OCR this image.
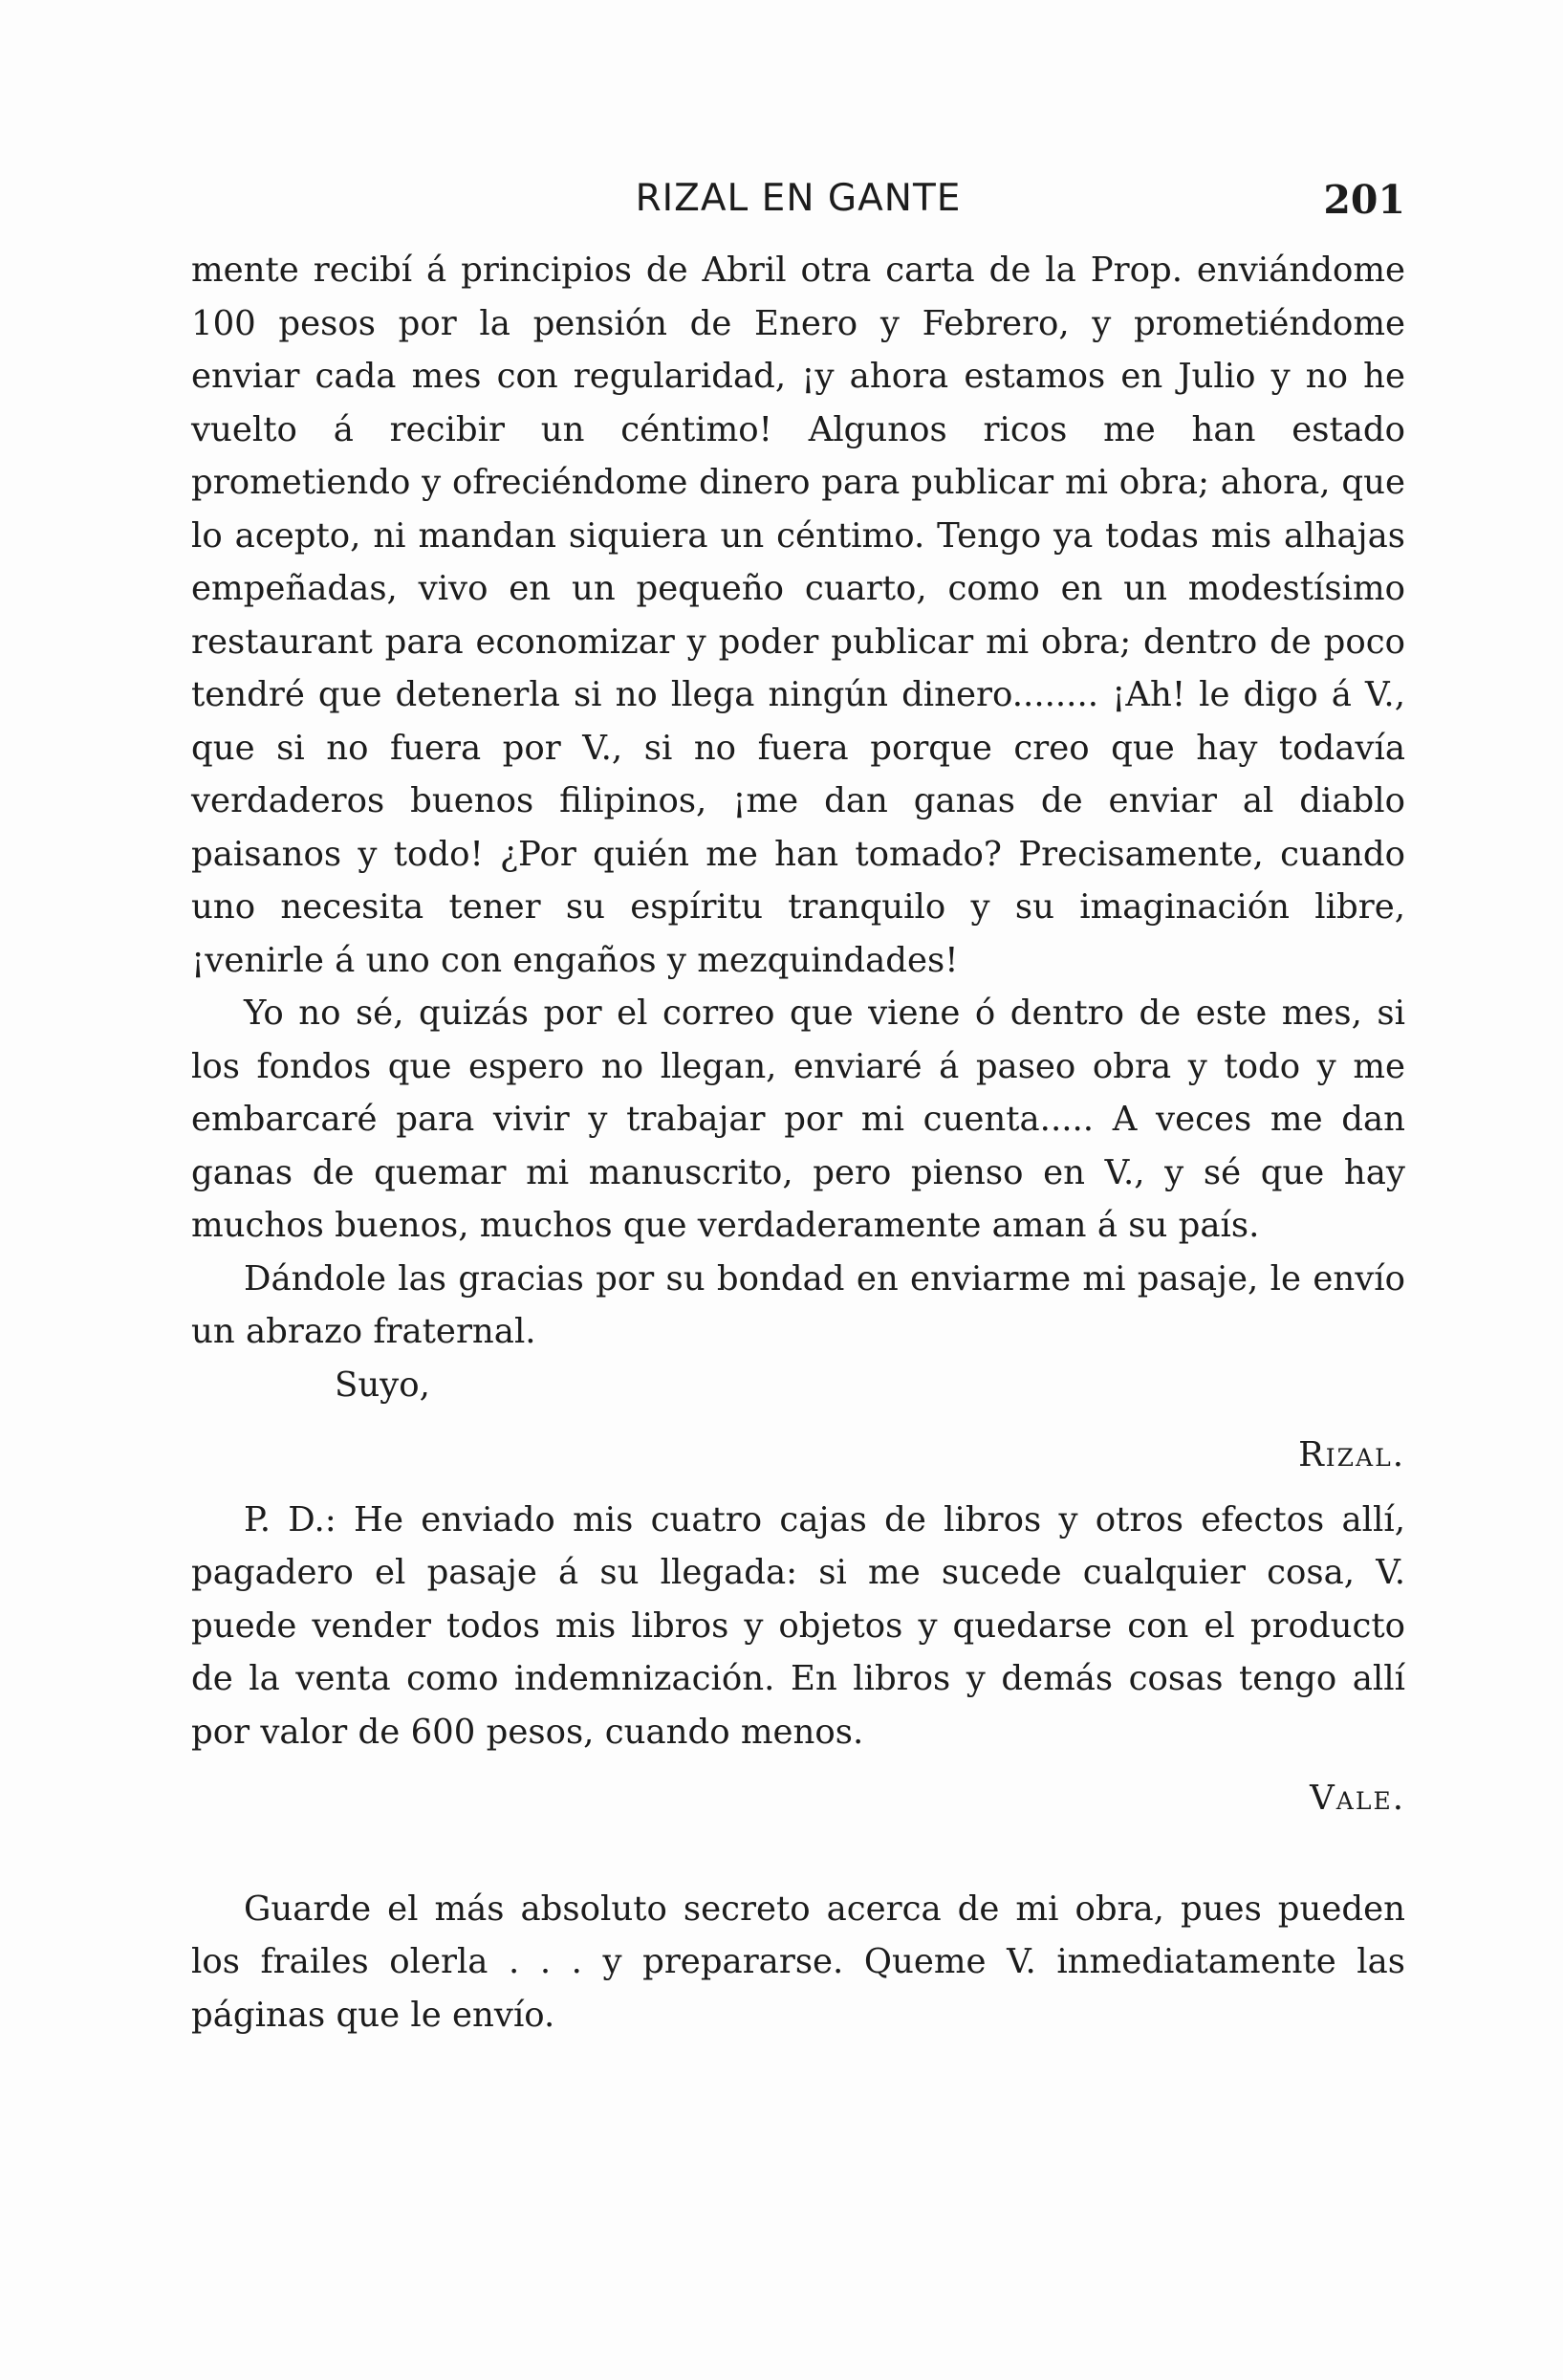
RIZAL EN GANTE	201

mente recibí á principios de Abril otra carta de la Prop. enviándome 100 pesos por la pensión de Enero y Febrero, y prometiéndome enviar cada mes con regularidad, ¡y ahora estamos en Julio y no he vuelto á recibir un céntimo! Algunos ricos me han estado prometiendo y ofreciéndome dinero para publicar mi obra; ahora, que lo acepto, ni mandan siquiera un céntimo. Tengo ya todas mis alhajas empeñadas, vivo en un pequeño cuarto, como en un modestísimo restaurant para economizar y poder publicar mi obra; dentro de poco tendré que detenerla si no llega ningún dinero........ ¡Ah! le digo á V., que si no fuera por V., si no fuera porque creo que hay todavía verdaderos buenos filipinos, ¡me dan ganas de enviar al diablo paisanos y todo! ¿Por quién me han tomado? Precisamente, cuando uno necesita tener su espíritu tranquilo y su imaginación libre, ¡venirle á uno con engaños y mezquindades!

Yo no sé, quizás por el correo que viene ó dentro de este mes, si los fondos que espero no llegan, enviaré á paseo obra y todo y me embarcaré para vivir y trabajar por mi cuenta..... A veces me dan ganas de quemar mi manuscrito, pero pienso en V., y sé que hay muchos buenos, muchos que verdaderamente aman á su país.

Dándole las gracias por su bondad en enviarme mi pasaje, le envío un abrazo fraternal.

Suyo,

Rizal.

P. D.: He enviado mis cuatro cajas de libros y otros efectos allí, pagadero el pasaje á su llegada: si me sucede cualquier cosa, V. puede vender todos mis libros y objetos y quedarse con el producto de la venta como indemnización. En libros y demás cosas tengo allí por valor de 600 pesos, cuando menos.

Vale.

Guarde el más absoluto secreto acerca de mi obra, pues pueden los frailes olerla . . . y prepararse. Queme V. inmediatamente las páginas que le envío.
